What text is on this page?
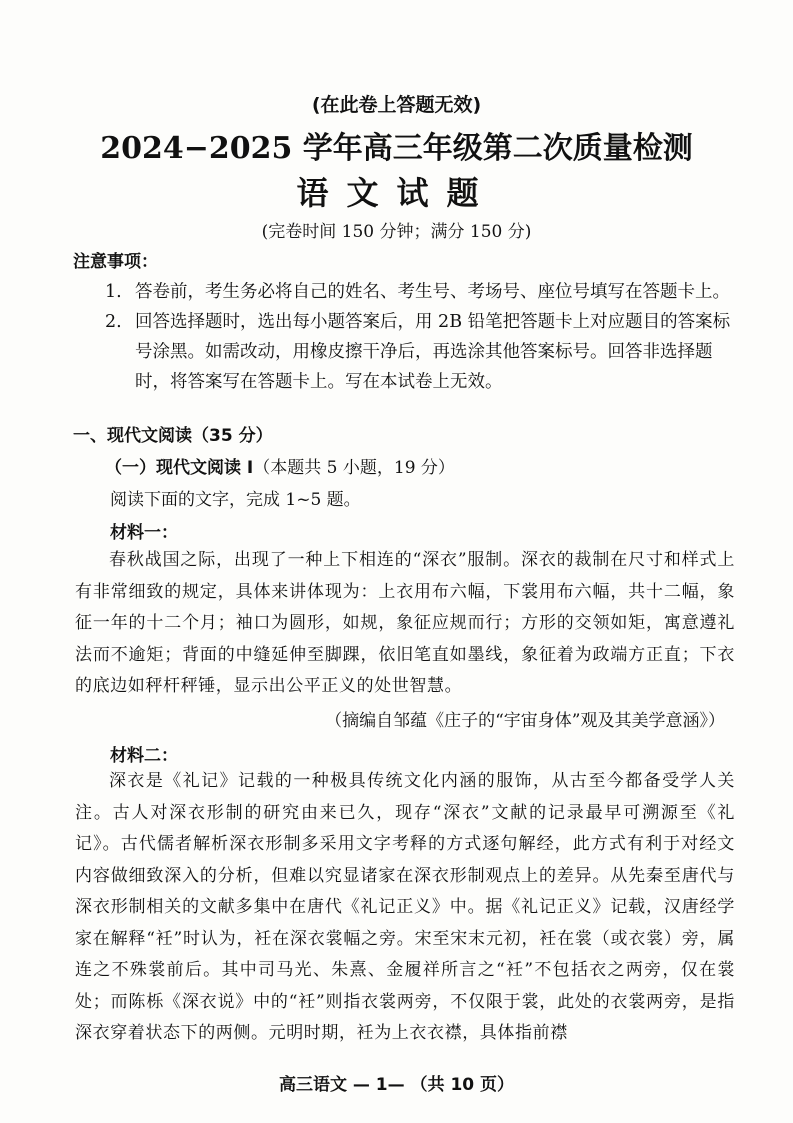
(在此卷上答题无效)
2024−2025 学年高三年级第二次质量检测
语文试题
(完卷时间 150 分钟；满分 150 分)
注意事项：
1. 答卷前，考生务必将自己的姓名、考生号、考场号、座位号填写在答题卡上。
2. 回答选择题时，选出每小题答案后，用 2B 铅笔把答题卡上对应题目的答案标号涂黑。如需改动，用橡皮擦干净后，再选涂其他答案标号。回答非选择题时，将答案写在答题卡上。写在本试卷上无效。
一、现代文阅读（35 分）
（一）现代文阅读 I（本题共 5 小题，19 分）
阅读下面的文字，完成 1~5 题。
材料一：
春秋战国之际，出现了一种上下相连的“深衣”服制。深衣的裁制在尺寸和样式上有非常细致的规定，具体来讲体现为：上衣用布六幅，下裳用布六幅，共十二幅，象征一年的十二个月；袖口为圆形，如规，象征应规而行；方形的交领如矩，寓意遵礼法而不逾矩；背面的中缝延伸至脚踝，依旧笔直如墨线，象征着为政端方正直；下衣的底边如秤杆秤锤，显示出公平正义的处世智慧。
（摘编自邹蕴《庄子的“宇宙身体”观及其美学意涵》）
材料二：
深衣是《礼记》记载的一种极具传统文化内涵的服饰，从古至今都备受学人关注。古人对深衣形制的研究由来已久，现存“深衣”文献的记录最早可溯源至《礼记》。古代儒者解析深衣形制多采用文字考释的方式逐句解经，此方式有利于对经文内容做细致深入的分析，但难以究显诸家在深衣形制观点上的差异。从先秦至唐代与深衣形制相关的文献多集中在唐代《礼记正义》中。据《礼记正义》记载，汉唐经学家在解释“衽”时认为，衽在深衣裳幅之旁。宋至宋末元初，衽在裳（或衣裳）旁，属连之不殊裳前后。其中司马光、朱熹、金履祥所言之“衽”不包括衣之两旁，仅在裳处；而陈栎《深衣说》中的“衽”则指衣裳两旁，不仅限于裳，此处的衣裳两旁，是指深衣穿着状态下的两侧。元明时期，衽为上衣衣襟，具体指前襟
高三语文 — 1— （共 10 页）
